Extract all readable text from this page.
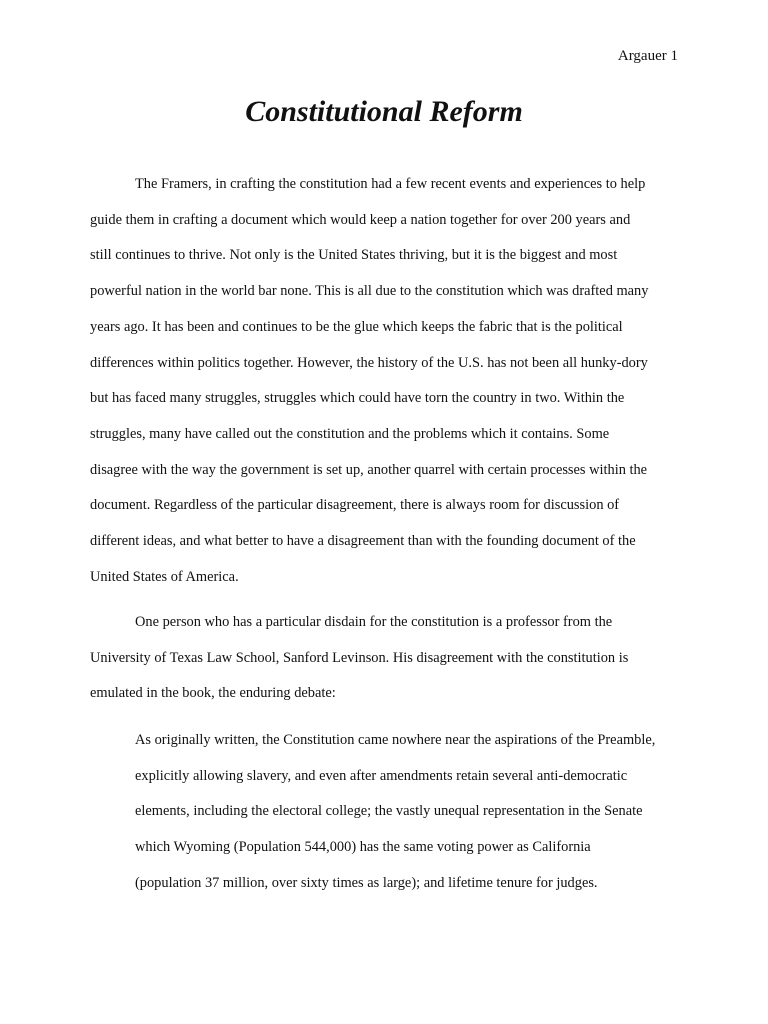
Argauer 1
Constitutional Reform
The Framers, in crafting the constitution had a few recent events and experiences to help
guide them in crafting a document which would keep a nation together for over 200 years and
still continues to thrive. Not only is the United States thriving, but it is the biggest and most
powerful nation in the world bar none. This is all due to the constitution which was drafted many
years ago. It has been and continues to be the glue which keeps the fabric that is the political
differences within politics together. However, the history of the U.S. has not been all hunky-dory
but has faced many struggles, struggles which could have torn the country in two. Within the
struggles, many have called out the constitution and the problems which it contains. Some
disagree with the way the government is set up, another quarrel with certain processes within the
document. Regardless of the particular disagreement, there is always room for discussion of
different ideas, and what better to have a disagreement than with the founding document of the
United States of America.
One person who has a particular disdain for the constitution is a professor from the
University of Texas Law School, Sanford Levinson. His disagreement with the constitution is
emulated in the book, the enduring debate:
As originally written, the Constitution came nowhere near the aspirations of the Preamble,
explicitly allowing slavery, and even after amendments retain several anti-democratic
elements, including the electoral college; the vastly unequal representation in the Senate
which Wyoming (Population 544,000) has the same voting power as California
(population 37 million, over sixty times as large); and lifetime tenure for judges.
